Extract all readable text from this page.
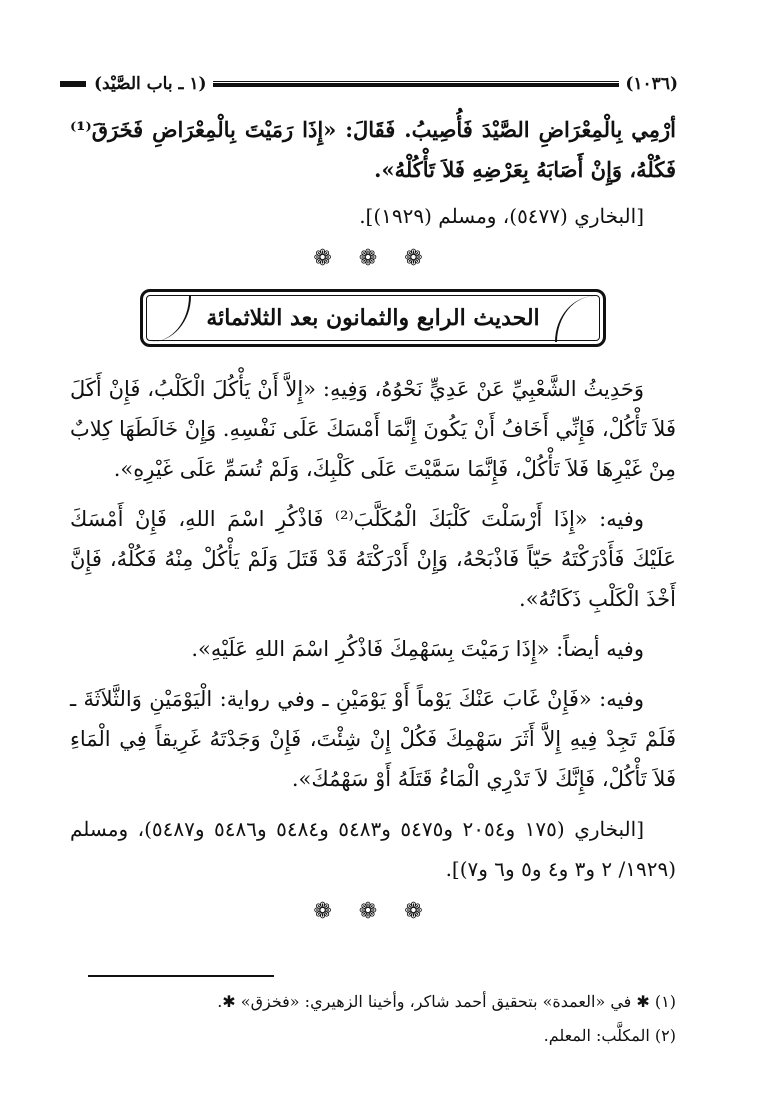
(١٠٣٦)
(١ ـ باب الصَّيْد)

أرْمِي بِالْمِعْرَاضِ الصَّيْدَ فَأُصِيبُ. فَقَالَ: «إِذَا رَمَيْتَ بِالْمِعْرَاضِ فَخَرَقَ⁽¹⁾ فَكُلْهُ، وَإِنْ أَصَابَهُ بِعَرْضِهِ فَلاَ تَأْكُلْهُ».

[البخاري (٥٤٧٧)، ومسلم (١٩٢٩)].

❁ ❁ ❁
الحديث الرابع والثمانون بعد الثلاثمائة

وَحَدِيثُ الشَّعْبِيِّ عَنْ عَدِيٍّ نَحْوُهُ، وَفِيهِ: «إِلاَّ أَنْ يَأْكُلَ الْكَلْبُ، فَإِنْ أَكَلَ فَلاَ تَأْكُلْ، فَإِنِّي أَخَافُ أَنْ يَكُونَ إِنَّمَا أَمْسَكَ عَلَى نَفْسِهِ. وَإِنْ خَالَطَهَا كِلابٌ مِنْ غَيْرِهَا فَلاَ تَأْكُلْ، فَإِنَّمَا سَمَّيْتَ عَلَى كَلْبِكَ، وَلَمْ تُسَمِّ عَلَى غَيْرِهِ».

وفيه: «إِذَا أَرْسَلْتَ كَلْبَكَ الْمُكَلَّبَ⁽²⁾ فَاذْكُرِ اسْمَ اللهِ، فَإِنْ أَمْسَكَ عَلَيْكَ فَأَدْرَكْتَهُ حَيّاً فَاذْبَحْهُ، وَإِنْ أَدْرَكْتَهُ قَدْ قَتَلَ وَلَمْ يَأْكُلْ مِنْهُ فَكُلْهُ، فَإِنَّ أَخْذَ الْكَلْبِ ذَكَاتُهُ».

وفيه أيضاً: «إِذَا رَمَيْتَ بِسَهْمِكَ فَاذْكُرِ اسْمَ اللهِ عَلَيْهِ».

وفيه: «فَإِنْ غَابَ عَنْكَ يَوْماً أَوْ يَوْمَيْنِ ـ وفي رواية: الْيَوْمَيْنِ وَالثَّلاَثَةَ ـ فَلَمْ تَجِدْ فِيهِ إِلاَّ أَثَرَ سَهْمِكَ فَكُلْ إِنْ شِئْتَ، فَإِنْ وَجَدْتَهُ غَرِيقاً فِي الْمَاءِ فَلاَ تَأْكُلْ، فَإِنَّكَ لاَ تَدْرِي الْمَاءُ قَتَلَهُ أَوْ سَهْمُكَ».

[البخاري (١٧٥ و٢٠٥٤ و٥٤٧٥ و٥٤٨٣ و٥٤٨٤ و٥٤٨٦ و٥٤٨٧)، ومسلم (١٩٢٩/ ٢ و٣ و٤ و٥ و٦ و٧)].

❁ ❁ ❁
(١) ✱ في «العمدة» بتحقيق أحمد شاكر، وأخينا الزهيري: «فخزق» ✱.
(٢) المكلَّب: المعلم.
